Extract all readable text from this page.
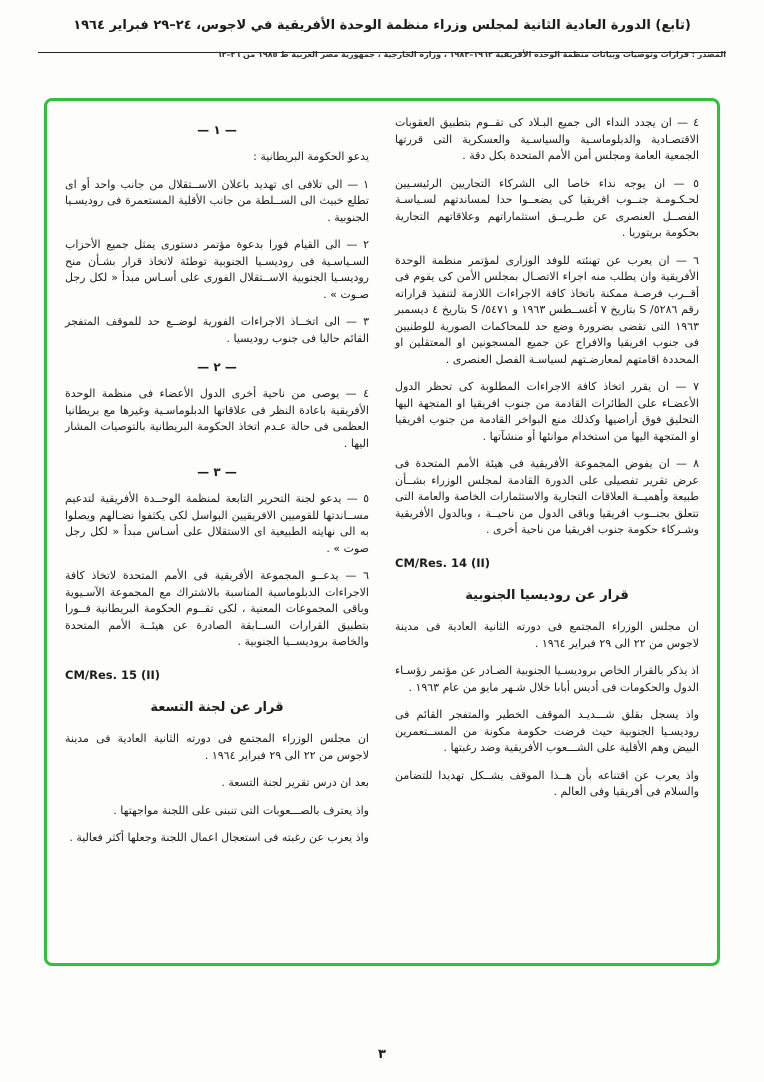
(تابع) الدورة العادية الثانية لمجلس وزراء منظمة الوحدة الأفريقية في لاجوس، ٢٤–٢٩ فبراير ١٩٦٤
المصدر : قرارات وتوصيات وبيانات منظمة الوحدة الأفريقية ١٩٦٣–١٩٨٣ ، وزارة الخارجية ، جمهورية مصر العربية ط ١٩٨٥ من ٢٦–٦٣

٤ — ان يجدد النداء الى جميع البـلاد كى تقــوم بتطبيق العقوبات الاقتصـادية والدبلوماسـية والسياسـية والعسكرية التى قررتها الجمعية العامة ومجلس أمن الأمم المتحدة بكل دقة .

٥ — ان يوجه نداء خاصا الى الشركاء التجاريين الرئيسـيين لحـكـومـة جنــوب افريقيا كى يضعــوا حدا لمساندتهم لسـياسـة الفصــل العنصرى عن طـريــق استثماراتهم وعلاقاتهم التجارية بحكومة بريتوريا .

٦ — ان يعرب عن تهنئته للوفد الوزارى لمؤتمر منظمة الوحدة الأفريقية وان يطلب منه اجراء الاتصـال بمجلس الأمن كى يقوم فى أقــرب فرصـة ممكنة باتخاذ كافة الاجراءات اللازمة لتنفيذ قراراته رقم ٥٢٨٦/ S بتاريخ ٧ أغســطس ١٩٦٣ و ٥٤٧١/ S بتاريخ ٤ ديسمبر ١٩٦٣ التى تقضى بضرورة وضع حد للمحاكمات الصورية للوطنيين فى جنوب افريقيا والافراج عن جميع المسجونين او المعتقلين او المحددة اقامتهم لمعارضـتهم لسياسـة الفصل العنصرى .

٧ — ان يقرر اتخاذ كافة الاجراءات المطلوبة كى تحظر الدول الأعضـاء على الطائرات القادمة من جنوب افريقيا او المتجهة اليها التحليق فوق أراضيها وكذلك منع البواخر القادمة من جنوب افريقيا او المتجهة اليها من استخدام موانئها أو منشآتها .

٨ — ان يفوض المجموعة الأفريقية فى هيئة الأمم المتحدة فى عرض تقرير تفصيلى على الدورة القادمة لمجلس الوزراء بشــأن طبيعة وأهميــة العلاقات التجارية والاستثمارات الخاصة والعامة التى تتعلق بجنــوب افريقيا وباقى الدول من ناحيــة ، وبالدول الأفريقية وشـركاء حكومة جنوب افريقيا من ناحية أخرى .

CM/Res. 14 (II)
قرار عن روديسيا الجنوبية

ان مجلس الوزراء المجتمع فى دورته الثانية العادية فى مدينة لاجوس من ٢٢ الى ٢٩ فبراير ١٩٦٤ .

اذ يذكر بالقرار الخاص بروديسـيا الجنوبية الصـادر عن مؤتمر رؤسـاء الدول والحكومات فى أديس أبابا خلال شـهر مايو من عام ١٩٦٣ .

واذ يسجل بقلق شـــديـد الموقف الخطير والمتفجر القائم فى روديسـيا الجنوبية حيث فرضت حكومة مكونة من المســتعمرين البيض وهم الأقلية على الشـــعوب الأفريقية وضد رغبتها .

واذ يعرب عن اقتناعه بأن هــذا الموقف يشــكل تهديدا للتضامن والسلام فى أفريقيا وفى العالم .

— ١ —

يدعو الحكومة البريطانية :

١ — الى تلافى اى تهديد باعلان الاســتقلال من جانب واحد أو اى تطلع خبيث الى الســلطة من جانب الأقلية المستعمرة فى روديسـيا الجنوبية .

٢ — الى القيام فورا بدعوة مؤتمر دستورى يمثل جميع الأحزاب السـياسـية فى روديسـيا الجنوبية توطئة لاتخاذ قرار بشـأن منح روديسـيا الجنوبية الاســتقلال الفورى على أسـاس مبدأ « لكل رجل صـوت » .

٣ — الى اتخــاذ الاجراءات الفورية لوضــع حد للموقف المتفجر القائم حاليا فى جنوب روديسيا .

— ٢ —

٤ — يوصى من ناحية أخرى الدول الأعضاء فى منظمة الوحدة الأفريقية باعادة النظر فى علاقاتها الدبلوماسـية وغيرها مع بريطانيا العظمى فى حالة عـدم اتخاذ الحكومة البريطانية بالتوصيات المشار اليها .

— ٣ —

٥ — يدعو لجنة التحرير التابعة لمنظمة الوحــدة الأفريقية لتدعيم مســاندتها للقوميين الافريقيين البواسل لكى يكثفوا نضـالهم ويصلوا به الى نهايته الطبيعية اى الاستقلال على أسـاس مبدأ « لكل رجل صوت » .

٦ — يدعــو المجموعة الأفريقية فى الأمم المتحدة لاتخاذ كافة الاجراءات الدبلوماسية المناسبة بالاشتراك مع المجموعة الآسـيوية وباقى المجموعات المعنية ، لكى تقــوم الحكومة البريطانية فــورا بتطبيق القرارات الســابقة الصادرة عن هيئــة الأمم المتحدة والخاصة بروديســيا الجنوبية .

CM/Res. 15 (II)
قرار عن لجنة التسعة

ان مجلس الوزراء المجتمع فى دورته الثانية العادية فى مدينة لاجوس من ٢٢ الى ٢٩ فبراير ١٩٦٤ .

بعد ان درس تقرير لجنة التسعة .

واذ يعترف بالصـــعوبات التى تنبنى على اللجنة مواجهتها .

واذ يعرب عن رغبته فى استعجال اعمال اللجنة وجعلها أكثر فعالية .

٣
